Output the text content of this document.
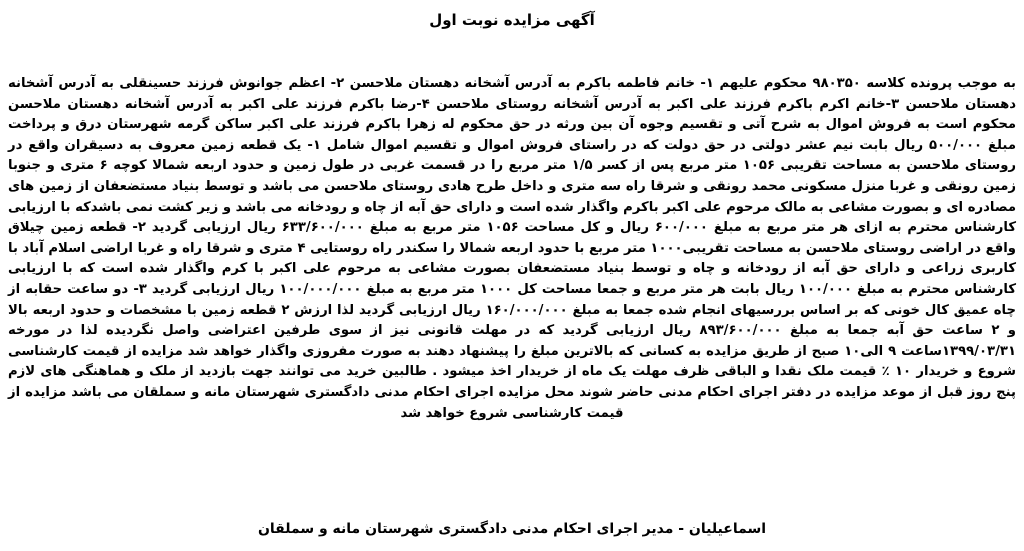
آگهی مزایده نوبت اول

به موجب پرونده کلاسه ۹۸۰۳۵۰ محکوم علیهم ۱- خانم فاطمه باکرم به آدرس آشخانه دهستان ملاحسن ۲- اعظم جوانوش فرزند حسینقلی به آدرس آشخانه دهستان ملاحسن ۳-خانم اکرم باکرم فرزند علی اکبر به آدرس آشخانه روستای ملاحسن ۴-رضا باکرم فرزند علی اکبر به آدرس آشخانه دهستان ملاحسن محکوم است به فروش اموال به شرح آتی و تقسیم وجوه آن بین ورثه در حق محکوم له زهرا باکرم فرزند علی اکبر ساکن گرمه شهرستان درق و پرداخت مبلغ ۵۰۰/۰۰۰ ریال بابت نیم عشر دولتی در حق دولت که در راستای فروش اموال و تقسیم اموال شامل ۱- یک قطعه زمین معروف به دسیقران واقع در روستای ملاحسن به مساحت تقریبی ۱۰۵۶ متر مربع پس از کسر ۱/۵ متر مربع را در قسمت غربی در طول زمین و حدود اربعه شمالا کوچه ۶ متری و جنوبا زمین رونقی و غربا منزل مسکونی محمد رونقی و شرقا راه سه متری و داخل طرح هادی روستای ملاحسن می باشد و توسط بنیاد مستضعفان از زمین های مصادره ای و بصورت مشاعی به مالک مرحوم علی اکبر باکرم واگذار شده است و دارای حق آبه از چاه و رودخانه می باشد و زیر کشت نمی باشدکه با ارزیابی کارشناس محترم به ازای هر متر مربع به مبلغ ۶۰۰/۰۰۰ ریال و کل مساحت ۱۰۵۶ متر مربع به مبلغ ۶۳۳/۶۰۰/۰۰۰ ریال ارزیابی گردید ۲- قطعه زمین چیلاق واقع در اراضی روستای ملاحسن به مساحت تقریبی۱۰۰۰ متر مربع با حدود اربعه شمالا را سکندر راه روستایی ۴ متری و شرقا راه و غربا اراضی اسلام آباد با کاربری زراعی و دارای حق آبه از رودخانه و چاه و توسط بنیاد مستضعفان بصورت مشاعی به مرحوم علی اکبر با کرم واگذار شده است که با ارزیابی کارشناس محترم به مبلغ ۱۰۰/۰۰۰ ریال بابت هر متر مربع و جمعا مساحت کل ۱۰۰۰ متر مربع به مبلغ ۱۰۰/۰۰۰/۰۰۰ ریال ارزیابی گردید ۳- دو ساعت حقابه از چاه عمیق کال خونی که بر اساس بررسیهای انجام شده جمعا به مبلغ ۱۶۰/۰۰۰/۰۰۰ ریال ارزیابی گردید لذا ارزش ۲ قطعه زمین با مشخصات و حدود اربعه بالا و ۲ ساعت حق آبه جمعا به مبلغ ۸۹۳/۶۰۰/۰۰۰ ریال ارزیابی گردید که در مهلت قانونی نیز از سوی طرفین اعتراضی واصل نگردیده لذا در مورخه ۱۳۹۹/۰۳/۳۱ساعت ۹ الی۱۰ صبح از طریق مزایده به کسانی که بالاترین مبلغ را پیشنهاد دهند به صورت مفروزی واگذار خواهد شد مزایده از قیمت کارشناسی شروع و خریدار ۱۰ ٪ قیمت ملک نقدا و الباقی ظرف مهلت یک ماه از خریدار اخذ میشود . طالبین خرید می توانند جهت بازدید از ملک و هماهنگی های لازم پنج روز قبل از موعد مزایده در دفتر اجرای احکام مدنی حاضر شوند محل مزایده اجرای احکام مدنی دادگستری شهرستان مانه و سملقان می باشد مزایده از قیمت کارشناسی شروع خواهد شد

اسماعیلیان - مدیر اجرای احکام مدنی دادگستری شهرستان مانه و سملقان
